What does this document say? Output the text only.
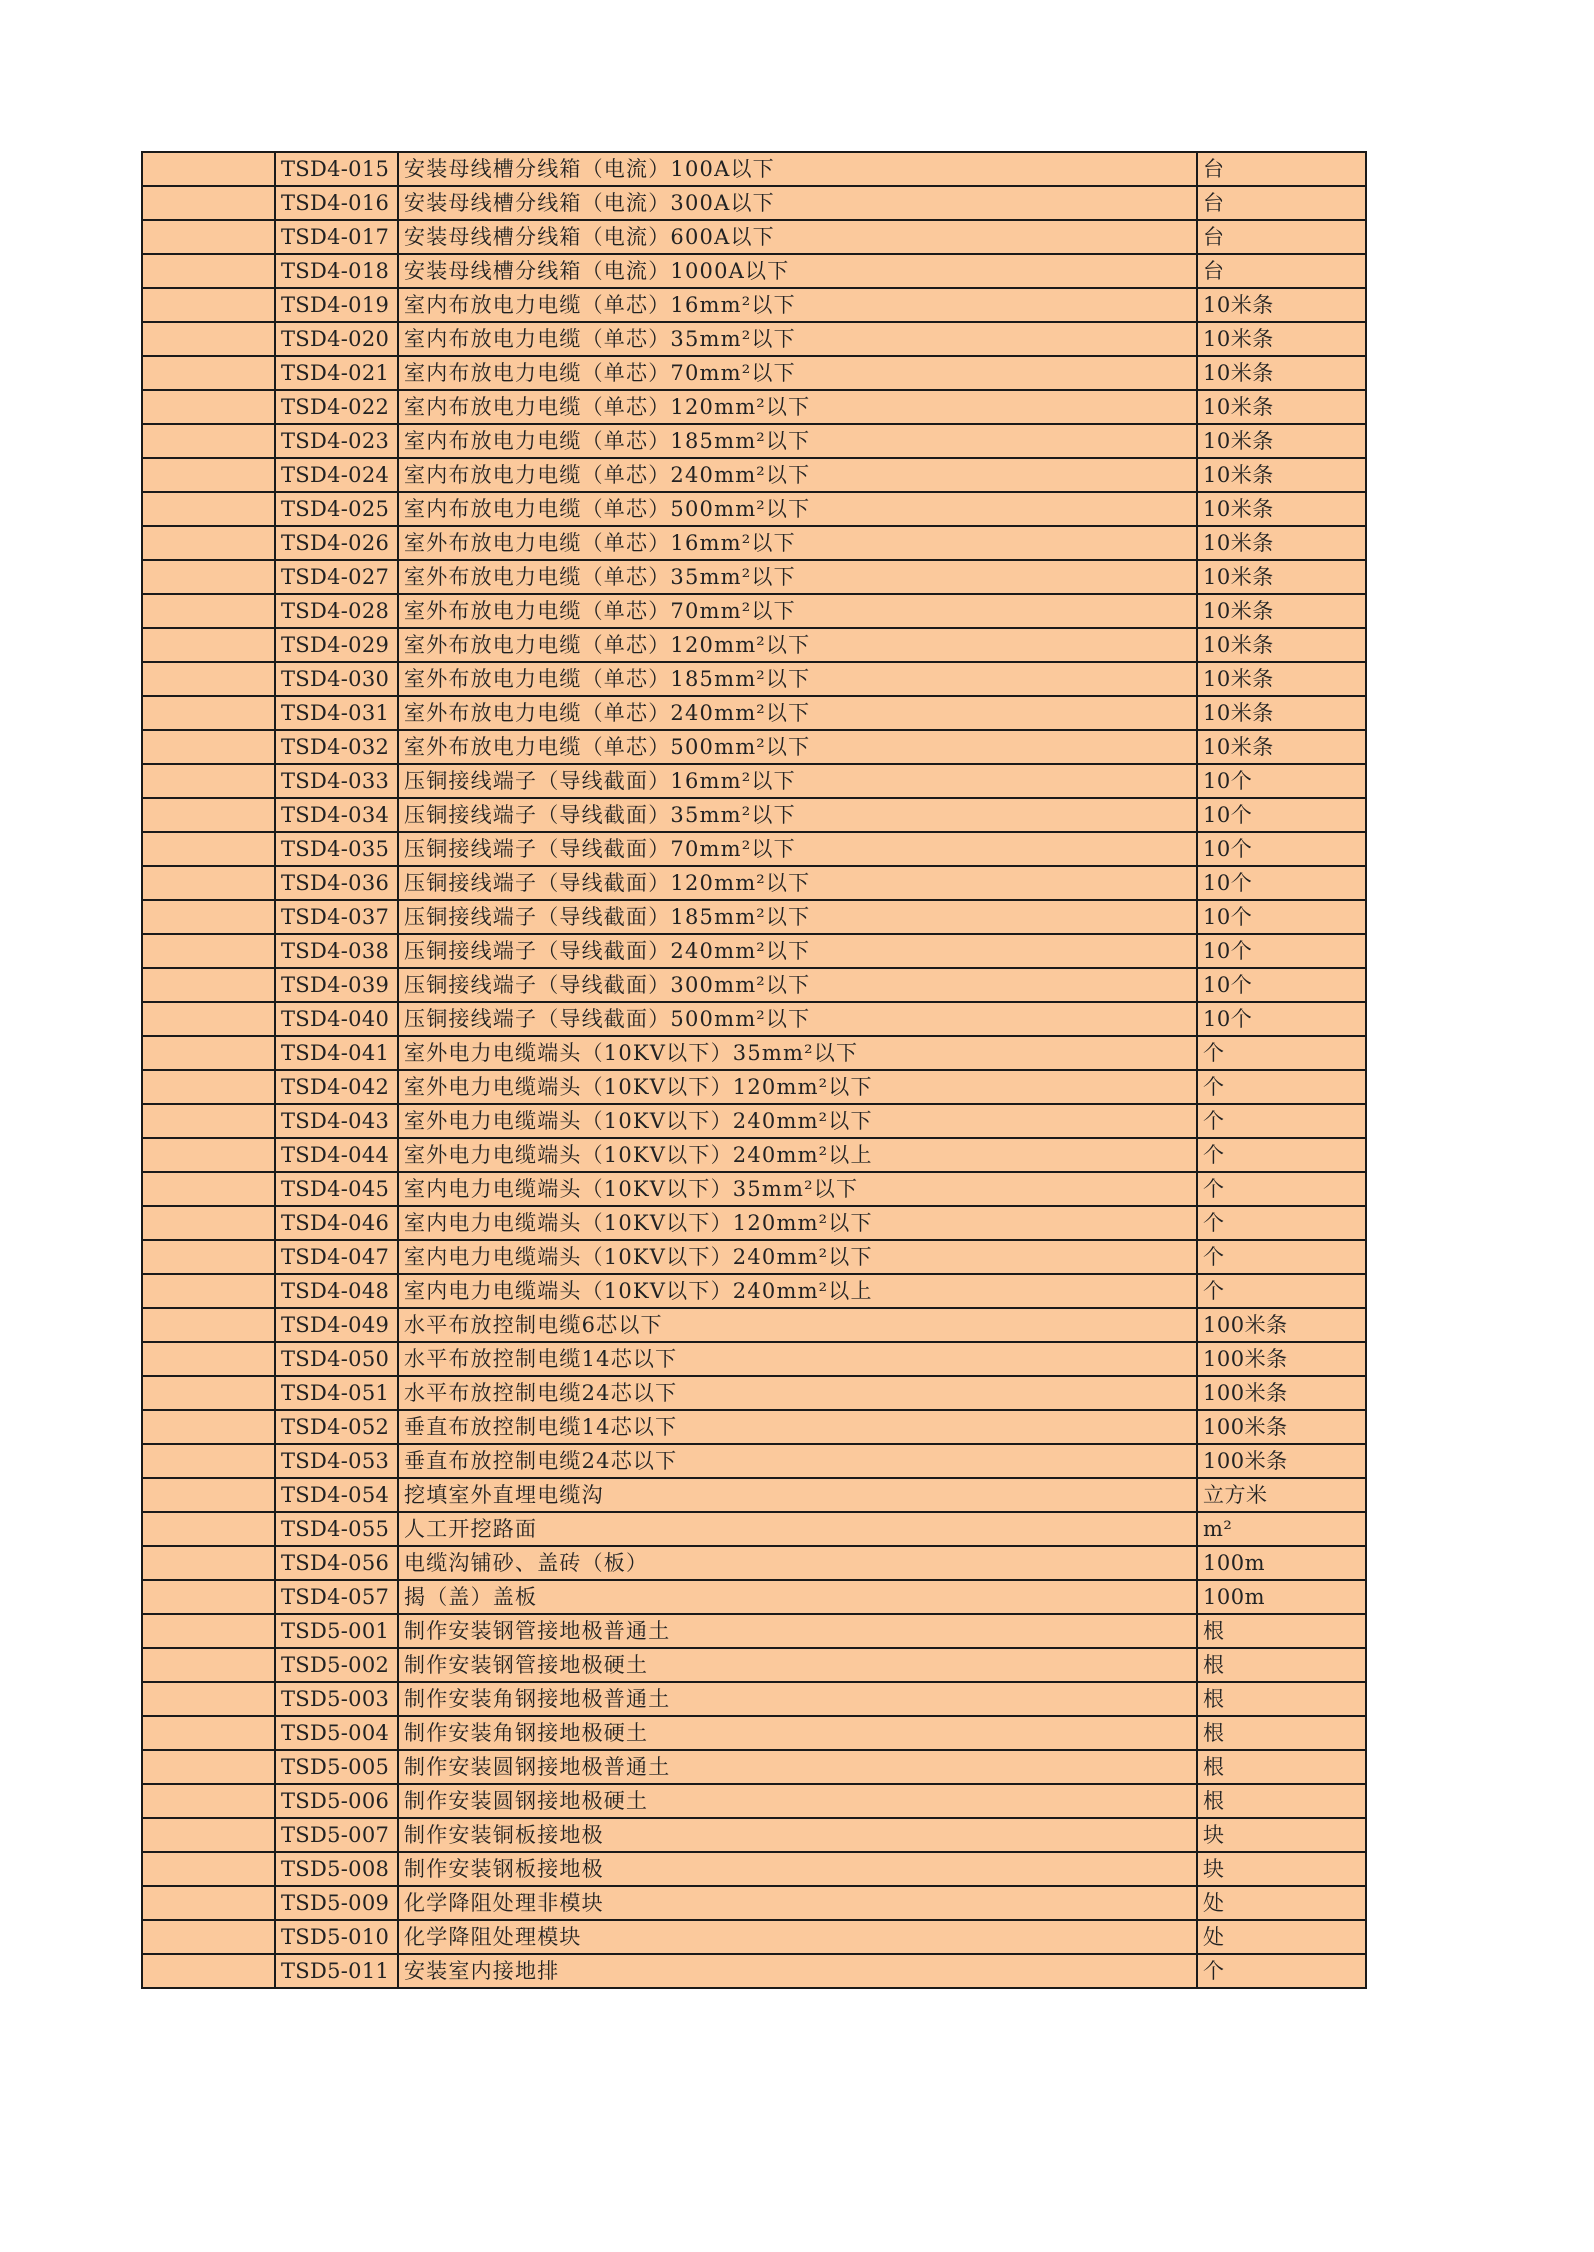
	TSD4-015	安装母线槽分线箱（电流）100A以下	台
	TSD4-016	安装母线槽分线箱（电流）300A以下	台
	TSD4-017	安装母线槽分线箱（电流）600A以下	台
	TSD4-018	安装母线槽分线箱（电流）1000A以下	台
	TSD4-019	室内布放电力电缆（单芯）16mm²以下	10米条
	TSD4-020	室内布放电力电缆（单芯）35mm²以下	10米条
	TSD4-021	室内布放电力电缆（单芯）70mm²以下	10米条
	TSD4-022	室内布放电力电缆（单芯）120mm²以下	10米条
	TSD4-023	室内布放电力电缆（单芯）185mm²以下	10米条
	TSD4-024	室内布放电力电缆（单芯）240mm²以下	10米条
	TSD4-025	室内布放电力电缆（单芯）500mm²以下	10米条
	TSD4-026	室外布放电力电缆（单芯）16mm²以下	10米条
	TSD4-027	室外布放电力电缆（单芯）35mm²以下	10米条
	TSD4-028	室外布放电力电缆（单芯）70mm²以下	10米条
	TSD4-029	室外布放电力电缆（单芯）120mm²以下	10米条
	TSD4-030	室外布放电力电缆（单芯）185mm²以下	10米条
	TSD4-031	室外布放电力电缆（单芯）240mm²以下	10米条
	TSD4-032	室外布放电力电缆（单芯）500mm²以下	10米条
	TSD4-033	压铜接线端子（导线截面）16mm²以下	10个
	TSD4-034	压铜接线端子（导线截面）35mm²以下	10个
	TSD4-035	压铜接线端子（导线截面）70mm²以下	10个
	TSD4-036	压铜接线端子（导线截面）120mm²以下	10个
	TSD4-037	压铜接线端子（导线截面）185mm²以下	10个
	TSD4-038	压铜接线端子（导线截面）240mm²以下	10个
	TSD4-039	压铜接线端子（导线截面）300mm²以下	10个
	TSD4-040	压铜接线端子（导线截面）500mm²以下	10个
	TSD4-041	室外电力电缆端头（10KV以下）35mm²以下	个
	TSD4-042	室外电力电缆端头（10KV以下）120mm²以下	个
	TSD4-043	室外电力电缆端头（10KV以下）240mm²以下	个
	TSD4-044	室外电力电缆端头（10KV以下）240mm²以上	个
	TSD4-045	室内电力电缆端头（10KV以下）35mm²以下	个
	TSD4-046	室内电力电缆端头（10KV以下）120mm²以下	个
	TSD4-047	室内电力电缆端头（10KV以下）240mm²以下	个
	TSD4-048	室内电力电缆端头（10KV以下）240mm²以上	个
	TSD4-049	水平布放控制电缆6芯以下	100米条
	TSD4-050	水平布放控制电缆14芯以下	100米条
	TSD4-051	水平布放控制电缆24芯以下	100米条
	TSD4-052	垂直布放控制电缆14芯以下	100米条
	TSD4-053	垂直布放控制电缆24芯以下	100米条
	TSD4-054	挖填室外直埋电缆沟	立方米
	TSD4-055	人工开挖路面	m²
	TSD4-056	电缆沟铺砂、盖砖（板）	100m
	TSD4-057	揭（盖）盖板	100m
	TSD5-001	制作安装钢管接地极普通土	根
	TSD5-002	制作安装钢管接地极硬土	根
	TSD5-003	制作安装角钢接地极普通土	根
	TSD5-004	制作安装角钢接地极硬土	根
	TSD5-005	制作安装圆钢接地极普通土	根
	TSD5-006	制作安装圆钢接地极硬土	根
	TSD5-007	制作安装铜板接地极	块
	TSD5-008	制作安装钢板接地极	块
	TSD5-009	化学降阻处理非模块	处
	TSD5-010	化学降阻处理模块	处
	TSD5-011	安装室内接地排	个
